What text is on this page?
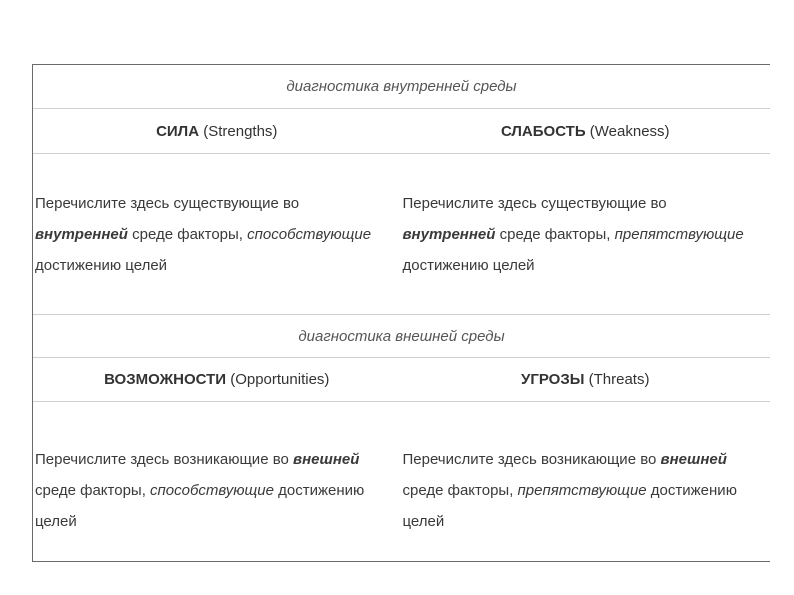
диагностика внутренней среды
СИЛА
(Strengths)	СЛАБОСТЬ
(Weakness)
Перечислите здесь существующие во внутренней среде факторы, способствующие достижению целей
Перечислите здесь существующие во внутренней среде факторы, препятствующие достижению целей
диагностика внешней среды
ВОЗМОЖНОСТИ
(Opportunities)	УГРОЗЫ
(Threats)
Перечислите здесь возникающие во внешней среде факторы, способствующие достижению целей
Перечислите здесь возникающие во внешней среде факторы, препятствующие достижению целей
